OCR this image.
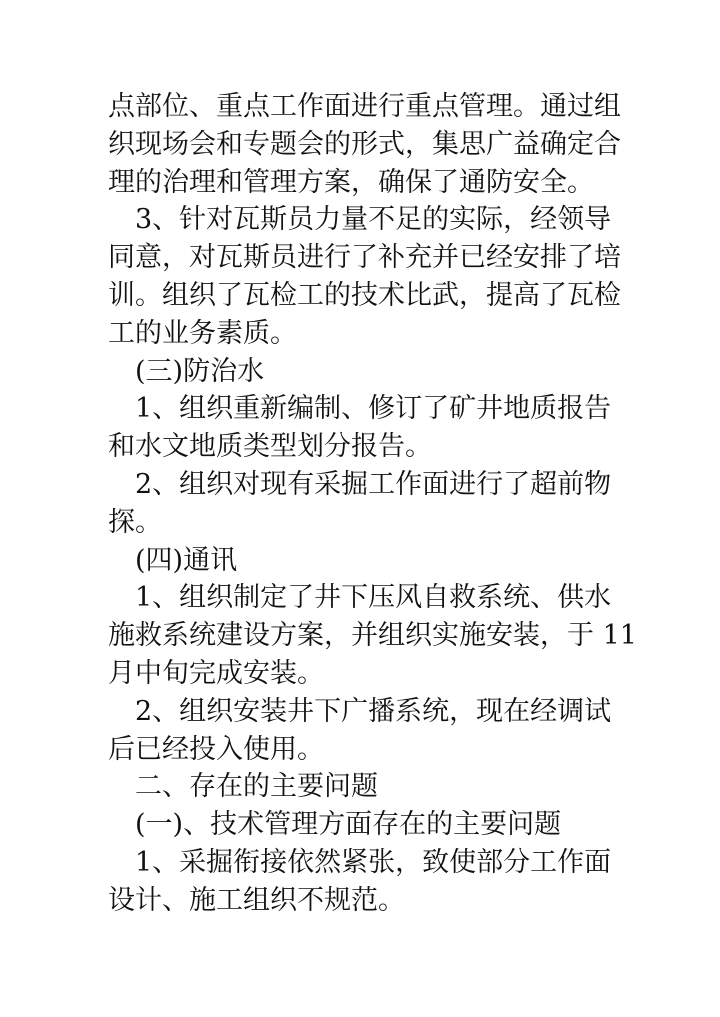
点部位、重点工作面进行重点管理。通过组
织现场会和专题会的形式，集思广益确定合
理的治理和管理方案，确保了通防安全。
3、针对瓦斯员力量不足的实际，经领导
同意，对瓦斯员进行了补充并已经安排了培
训。组织了瓦检工的技术比武，提高了瓦检
工的业务素质。
(三)防治水
1、组织重新编制、修订了矿井地质报告
和水文地质类型划分报告。
2、组织对现有采掘工作面进行了超前物
探。
(四)通讯
1、组织制定了井下压风自救系统、供水
施救系统建设方案，并组织实施安装，于 11
月中旬完成安装。
2、组织安装井下广播系统，现在经调试
后已经投入使用。
二、存在的主要问题
(一)、技术管理方面存在的主要问题
1、采掘衔接依然紧张，致使部分工作面
设计、施工组织不规范。
